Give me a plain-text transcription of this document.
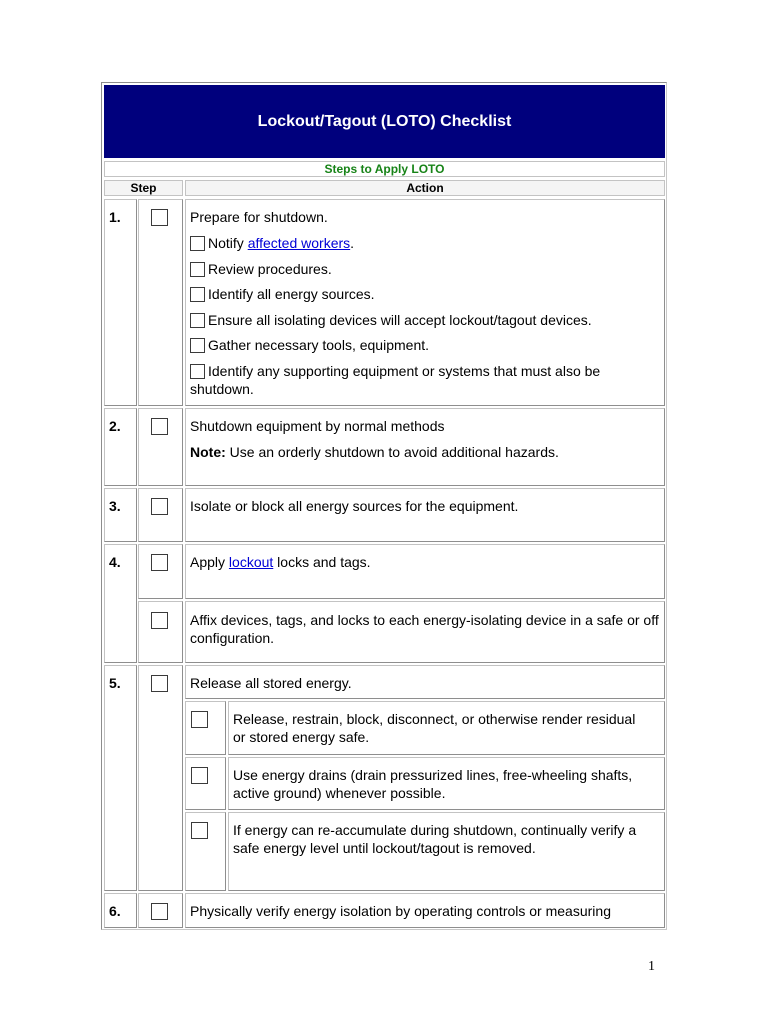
Lockout/Tagout (LOTO) Checklist
Steps to Apply LOTO
Step	Action
1.	Prepare for shutdown.
Notify affected workers.
Review procedures.
Identify all energy sources.
Ensure all isolating devices will accept lockout/tagout devices.
Gather necessary tools, equipment.
Identify any supporting equipment or systems that must also be shutdown.
2.	Shutdown equipment by normal methods
Note: Use an orderly shutdown to avoid additional hazards.
3.	Isolate or block all energy sources for the equipment.
4.	Apply lockout locks and tags.
Affix devices, tags, and locks to each energy-isolating device in a safe or off configuration.
5.	Release all stored energy.
Release, restrain, block, disconnect, or otherwise render residual or stored energy safe.
Use energy drains (drain pressurized lines, free-wheeling shafts, active ground) whenever possible.
If energy can re-accumulate during shutdown, continually verify a safe energy level until lockout/tagout is removed.
6.	Physically verify energy isolation by operating controls or measuring
1
